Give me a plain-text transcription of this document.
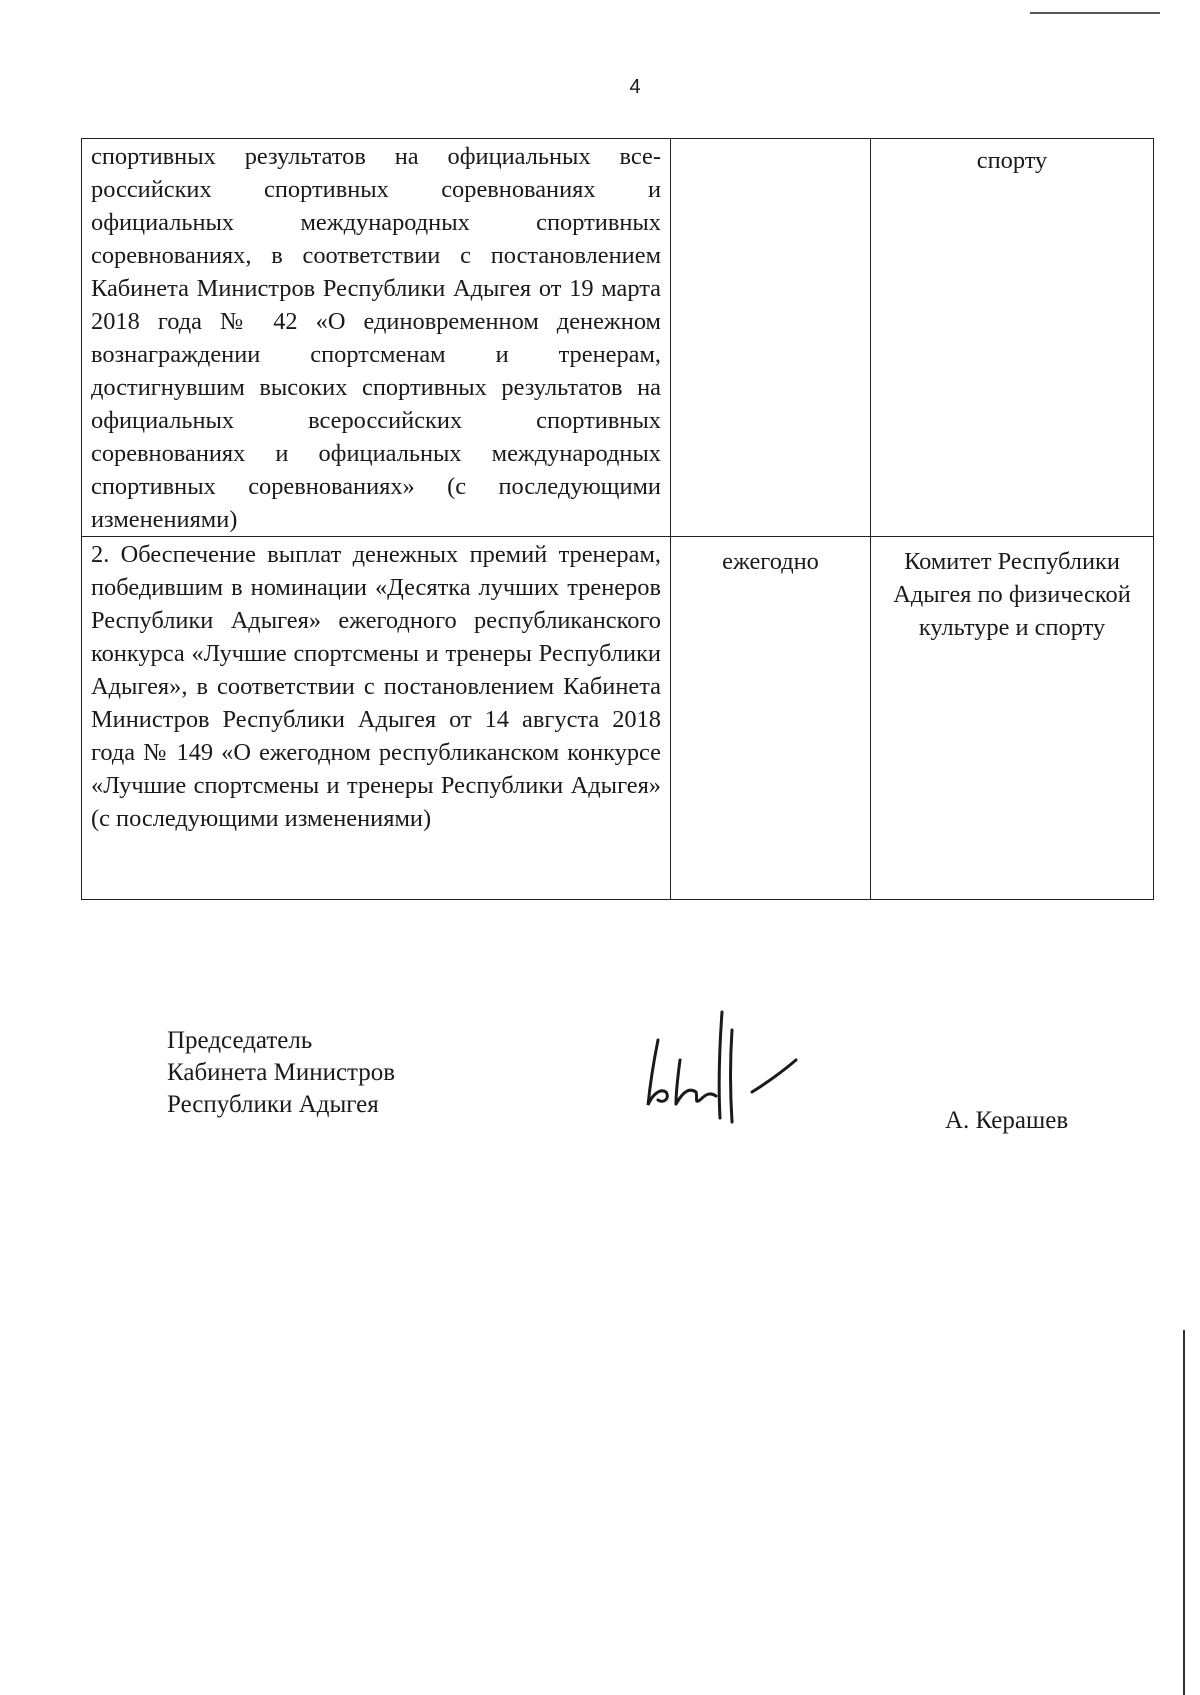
4
спортивных результатов на официальных все-российских спортивных соревнованиях и официальных международных спортивных соревнованиях, в соответствии с постановлением Кабинета Министров Республики Адыгея от 19 марта 2018 года № 42 «О единовременном денежном вознаграждении спортсменам и тренерам, достигнувшим высоких спортивных результатов на официальных всероссийских спортивных соревнованиях и официальных международных спортивных соревнованиях» (с последующими изменениями)		спорту

2. Обеспечение выплат денежных премий тренерам, победившим в номинации «Десятка лучших тренеров Республики Адыгея» ежегодного республиканского конкурса «Лучшие спортсмены и тренеры Республики Адыгея», в соответствии с постановлением Кабинета Министров Республики Адыгея от 14 августа 2018 года № 149 «О ежегодном республиканском конкурсе «Лучшие спортсмены и тренеры Республики Адыгея» (с последующими изменениями)	ежегодно	Комитет Республики Адыгея по физической культуре и спорту
Председатель
Кабинета Министров
Республики Адыгея
А. Керашев
